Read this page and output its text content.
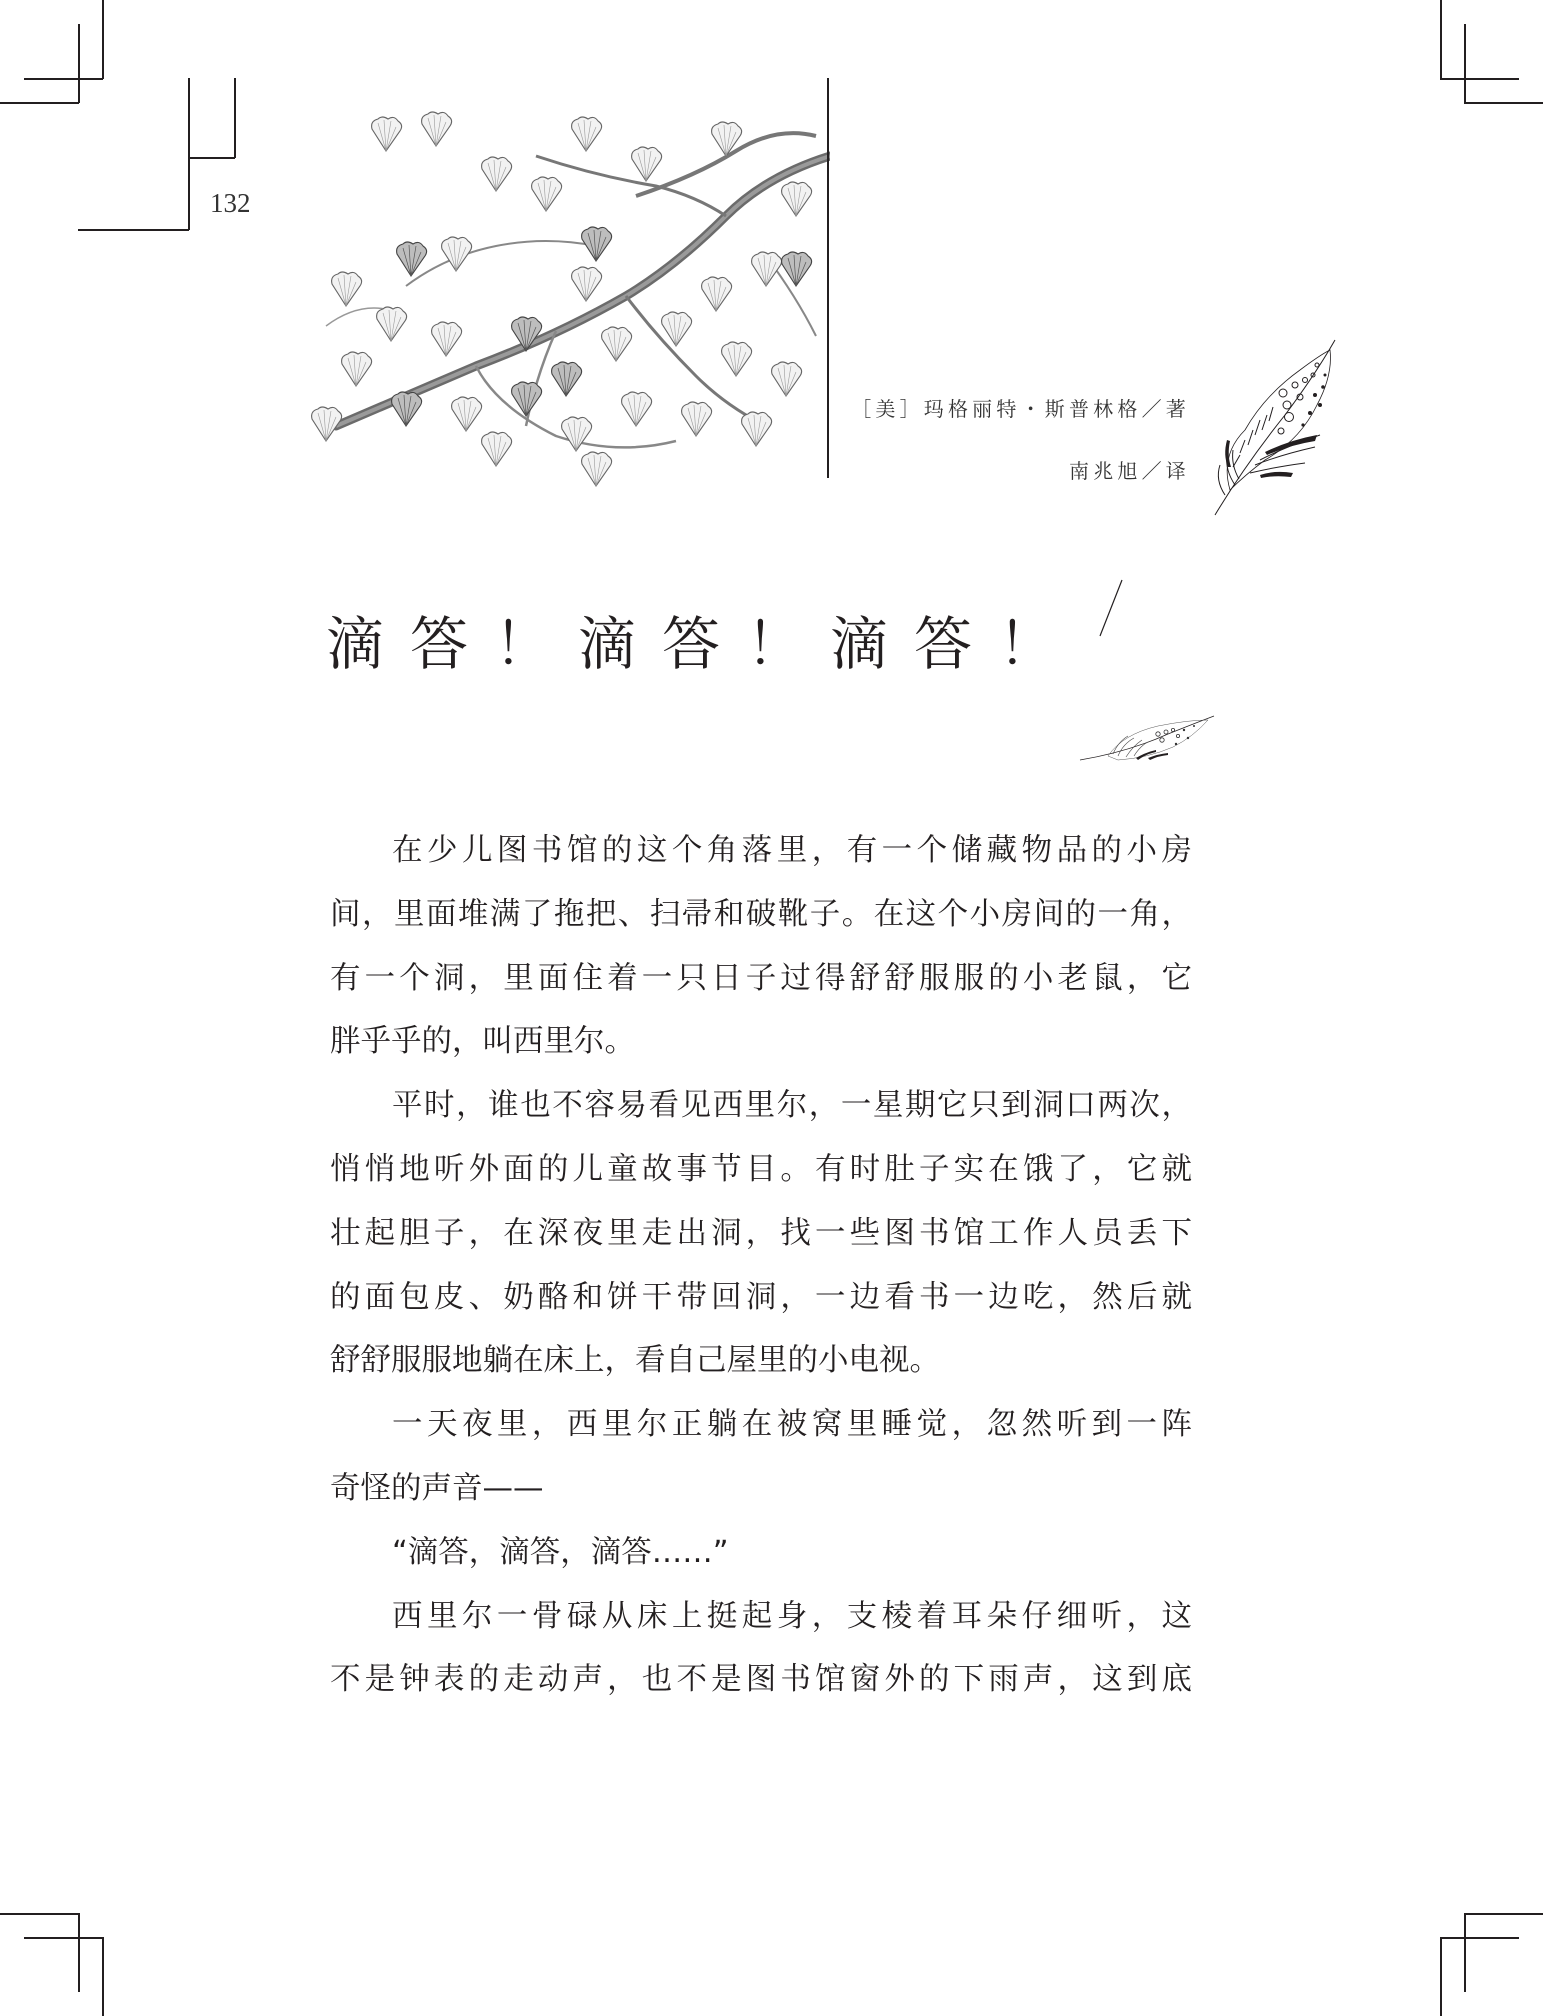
132
［美］玛格丽特・斯普林格／著
南兆旭／译
滴答！滴答！滴答！
在少儿图书馆的这个角落里，有一个储藏物品的小房
间，里面堆满了拖把、扫帚和破靴子。在这个小房间的一角，
有一个洞，里面住着一只日子过得舒舒服服的小老鼠，它
胖乎乎的，叫西里尔。
平时，谁也不容易看见西里尔，一星期它只到洞口两次，
悄悄地听外面的儿童故事节目。有时肚子实在饿了，它就
壮起胆子，在深夜里走出洞，找一些图书馆工作人员丢下
的面包皮、奶酪和饼干带回洞，一边看书一边吃，然后就
舒舒服服地躺在床上，看自己屋里的小电视。
一天夜里，西里尔正躺在被窝里睡觉，忽然听到一阵
奇怪的声音——
“滴答，滴答，滴答……”
西里尔一骨碌从床上挺起身，支棱着耳朵仔细听，这
不是钟表的走动声，也不是图书馆窗外的下雨声，这到底
